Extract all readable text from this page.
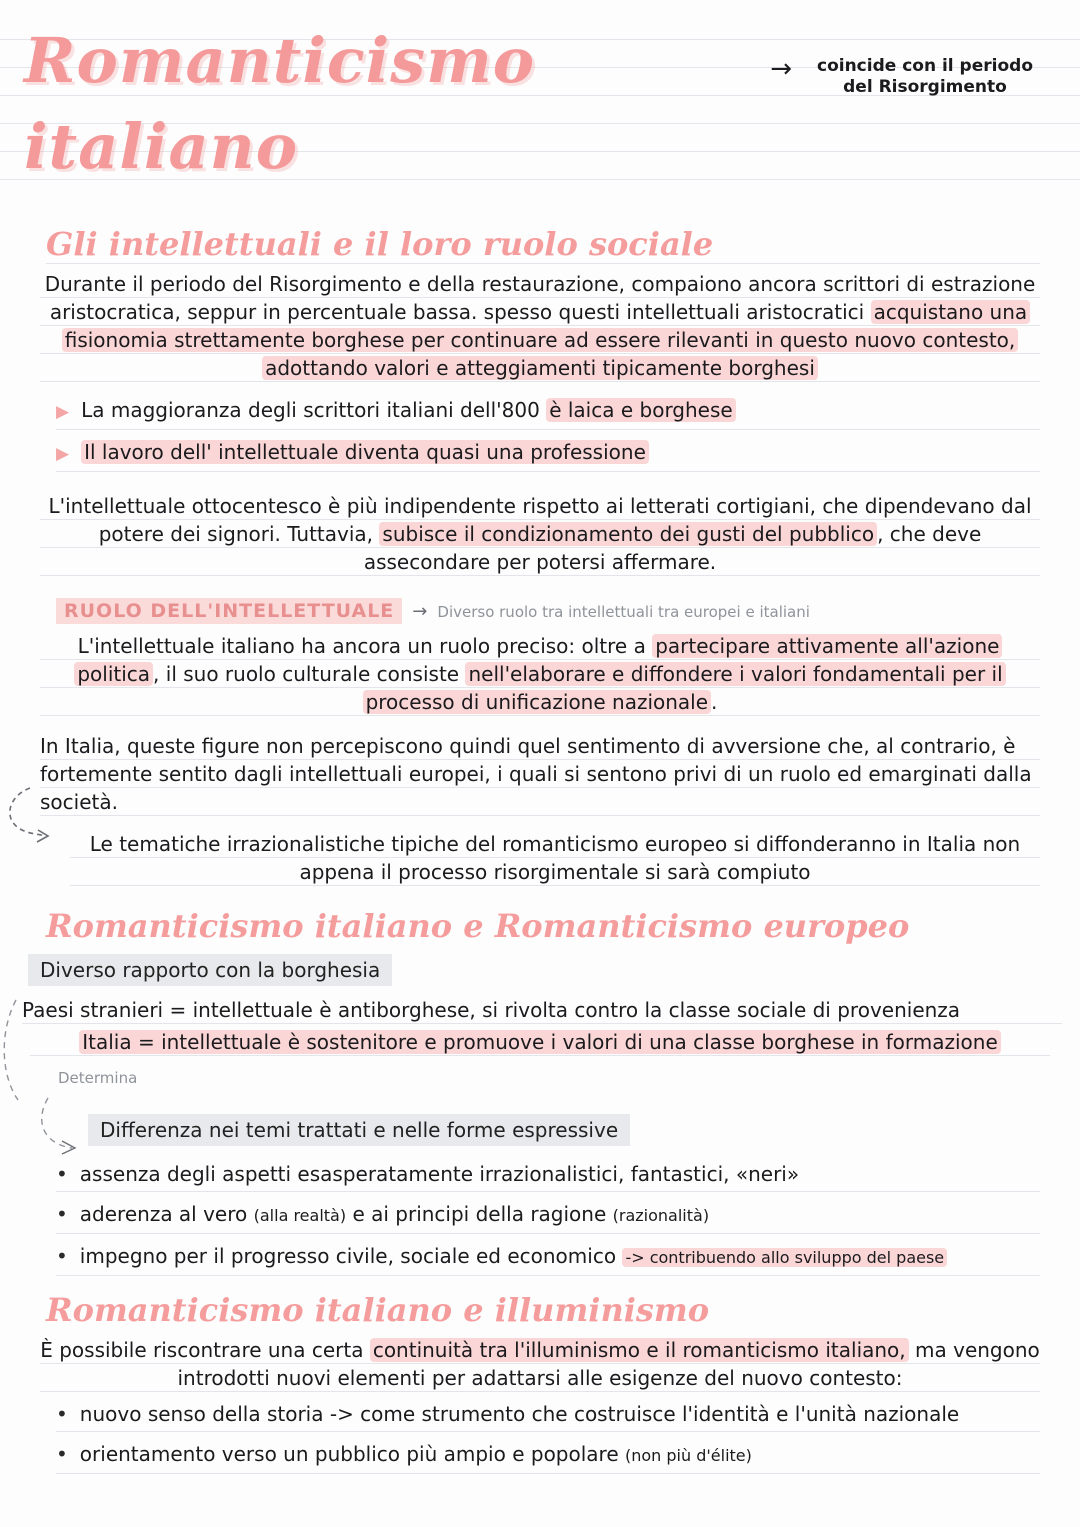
Romanticismo italiano
→	coincide con il periodo del Risorgimento
Gli intellettuali e il loro ruolo sociale

Durante il periodo del Risorgimento e della restaurazione, compaiono ancora scrittori di estrazione aristocratica, seppur in percentuale bassa. spesso questi intellettuali aristocratici acquistano una fisionomia strettamente borghese per continuare ad essere rilevanti in questo nuovo contesto, adottando valori e atteggiamenti tipicamente borghesi

▶ La maggioranza degli scrittori italiani dell'800 è laica e borghese
▶ Il lavoro dell' intellettuale diventa quasi una professione

L'intellettuale ottocentesco è più indipendente rispetto ai letterati cortigiani, che dipendevano dal potere dei signori. Tuttavia, subisce il condizionamento dei gusti del pubblico , che deve assecondare per potersi affermare.

RUOLO DELL'INTELLETTUALE	→ Diverso ruolo tra intellettuali tra europei e italiani

L'intellettuale italiano ha ancora un ruolo preciso: oltre a partecipare attivamente all'azione politica , il suo ruolo culturale consiste nell'elaborare e diffondere i valori fondamentali per il processo di unificazione nazionale .

In Italia, queste figure non percepiscono quindi quel sentimento di avversione che, al contrario, è fortemente sentito dagli intellettuali europei, i quali si sentono privi di un ruolo ed emarginati dalla società.

Le tematiche irrazionalistiche tipiche del romanticismo europeo si diffonderanno in Italia non appena il processo risorgimentale si sarà compiuto

Romanticismo italiano e Romanticismo europeo
Diverso rapporto con la borghesia

Paesi stranieri = intellettuale è antiborghese, si rivolta contro la classe sociale di provenienza

Italia = intellettuale è sostenitore e promuove i valori di una classe borghese in formazione

Determina
Differenza nei temi trattati e nelle forme espressive
• assenza degli aspetti esasperatamente irrazionalistici, fantastici, «neri»
• aderenza al vero (alla realtà) e ai principi della ragione (razionalità)
• impegno per il progresso civile, sociale ed economico -> contribuendo allo sviluppo del paese
Romanticismo italiano e illuminismo

È possibile riscontrare una certa continuità tra l'illuminismo e il romanticismo italiano, ma vengono introdotti nuovi elementi per adattarsi alle esigenze del nuovo contesto:

• nuovo senso della storia -> come strumento che costruisce l'identità e l'unità nazionale
• orientamento verso un pubblico più ampio e popolare (non più d'élite)
